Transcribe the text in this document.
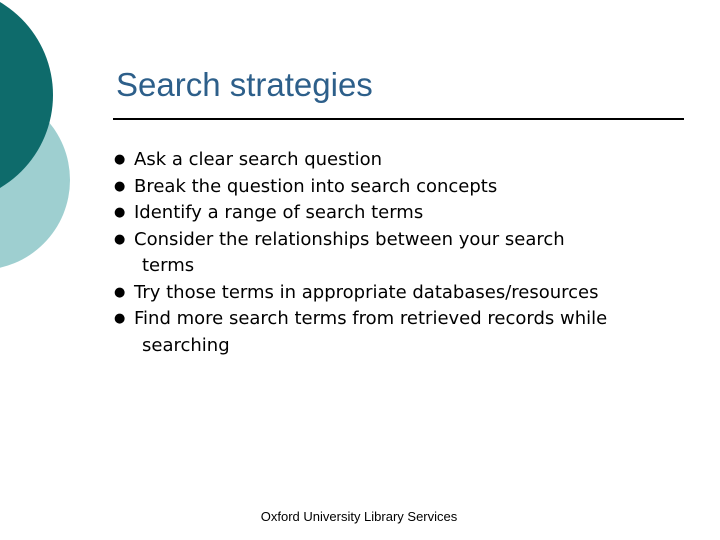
Search strategies
● Ask a clear search question
● Break the question into search concepts
● Identify a range of search terms
● Consider the relationships between your search
terms
● Try those terms in appropriate databases/resources
● Find more search terms from retrieved records while
searching
Oxford University Library Services
